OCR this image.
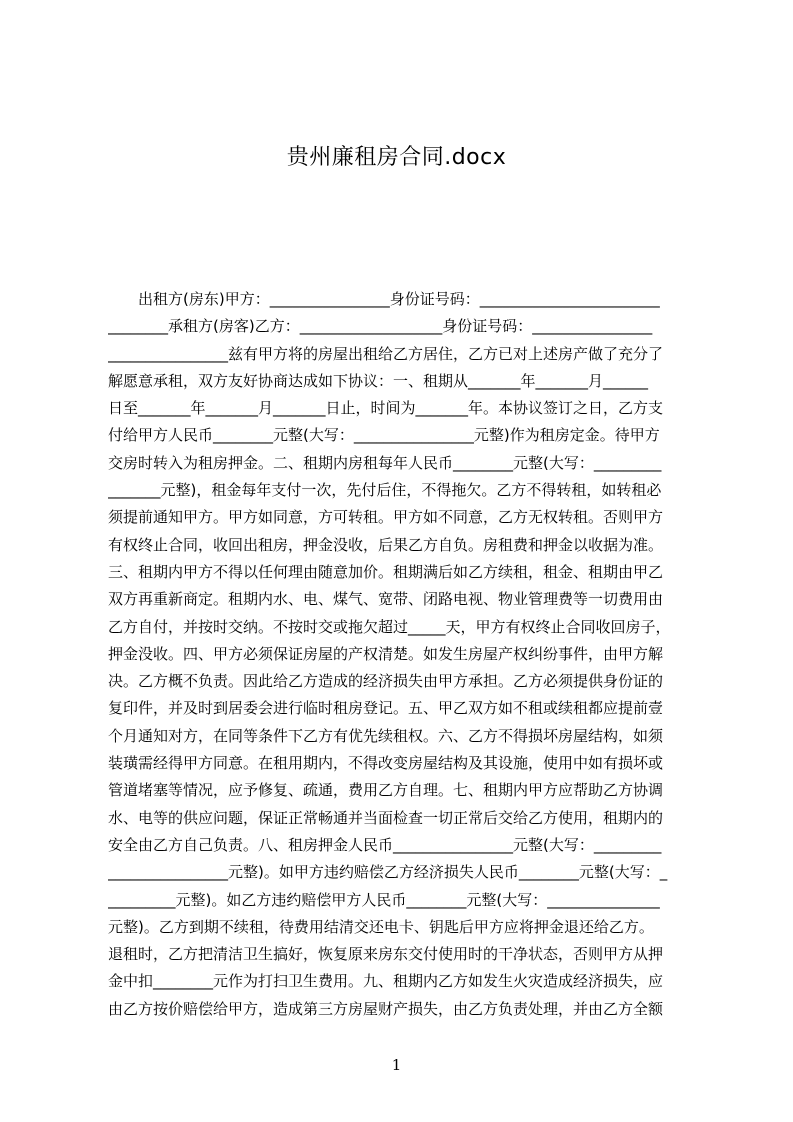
贵州廉租房合同.docx
　　出租方(房东)甲方：________________身份证号码：________________________
________承租方(房客)乙方：___________________身份证号码：________________
________________兹有甲方将的房屋出租给乙方居住，乙方已对上述房产做了充分了
解愿意承租，双方友好协商达成如下协议：一、租期从_______年_______月______
日至_______年_______月_______日止，时间为_______年。本协议签订之日，乙方支
付给甲方人民币________元整(大写：________________元整)作为租房定金。待甲方
交房时转入为租房押金。二、租期内房租每年人民币________元整(大写：_________
_______元整)，租金每年支付一次，先付后住，不得拖欠。乙方不得转租，如转租必
须提前通知甲方。甲方如同意，方可转租。甲方如不同意，乙方无权转租。否则甲方
有权终止合同，收回出租房，押金没收，后果乙方自负。房租费和押金以收据为准。
三、租期内甲方不得以任何理由随意加价。租期满后如乙方续租，租金、租期由甲乙
双方再重新商定。租期内水、电、煤气、宽带、闭路电视、物业管理费等一切费用由
乙方自付，并按时交纳。不按时交或拖欠超过_____天，甲方有权终止合同收回房子，
押金没收。四、甲方必须保证房屋的产权清楚。如发生房屋产权纠纷事件，由甲方解
决。乙方概不负责。因此给乙方造成的经济损失由甲方承担。乙方必须提供身份证的
复印件，并及时到居委会进行临时租房登记。五、甲乙双方如不租或续租都应提前壹
个月通知对方，在同等条件下乙方有优先续租权。六、乙方不得损坏房屋结构，如须
装璜需经得甲方同意。在租用期内，不得改变房屋结构及其设施，使用中如有损坏或
管道堵塞等情况，应予修复、疏通，费用乙方自理。七、租期内甲方应帮助乙方协调
水、电等的供应问题，保证正常畅通并当面检查一切正常后交给乙方使用，租期内的
安全由乙方自己负责。八、租房押金人民币________________元整(大写：_________
________________元整)。如甲方违约赔偿乙方经济损失人民币________元整(大写：_
_________元整)。如乙方违约赔偿甲方人民币________元整(大写：_______________
元整)。乙方到期不续租，待费用结清交还电卡、钥匙后甲方应将押金退还给乙方。
退租时，乙方把清洁卫生搞好，恢复原来房东交付使用时的干净状态，否则甲方从押
金中扣________元作为打扫卫生费用。九、租期内乙方如发生火灾造成经济损失，应
由乙方按价赔偿给甲方，造成第三方房屋财产损失，由乙方负责处理，并由乙方全额
1
